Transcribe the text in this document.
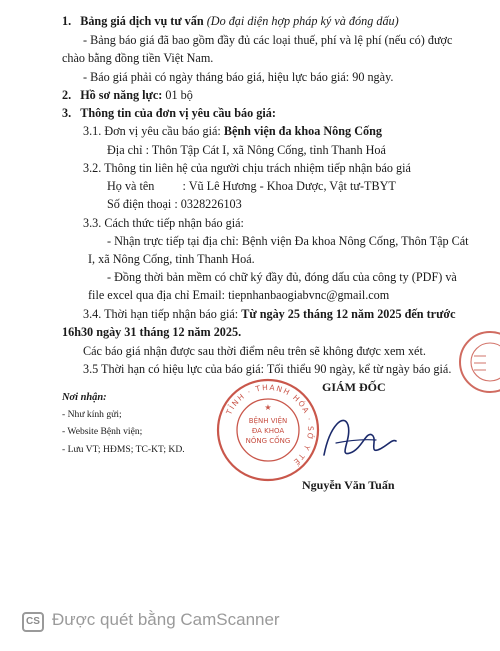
1. Bảng giá dịch vụ tư vấn (Do đại diện hợp pháp ký và đóng dấu)
- Bảng báo giá đã bao gồm đầy đủ các loại thuế, phí và lệ phí (nếu có) được
chào bằng đồng tiền Việt Nam.
- Báo giá phải có ngày tháng báo giá, hiệu lực báo giá: 90 ngày.
2. Hồ sơ năng lực: 01 bộ
3. Thông tin của đơn vị yêu cầu báo giá:
3.1. Đơn vị yêu cầu báo giá: Bệnh viện đa khoa Nông Cống
Địa chỉ : Thôn Tập Cát I, xã Nông Cống, tỉnh Thanh Hoá
3.2. Thông tin liên hệ của người chịu trách nhiệm tiếp nhận báo giá
Họ và tên : Vũ Lê Hương - Khoa Dược, Vật tư-TBYT
Số điện thoại : 0328226103
3.3. Cách thức tiếp nhận báo giá:
- Nhận trực tiếp tại địa chỉ: Bệnh viện Đa khoa Nông Cống, Thôn Tập Cát
I, xã Nông Cống, tỉnh Thanh Hoá.
- Đồng thời bản mềm có chữ ký đầy đủ, đóng dấu của công ty (PDF) và
file excel qua địa chỉ Email: tiepnhanbaogiabvnc@gmail.com
3.4. Thời hạn tiếp nhận báo giá: Từ ngày 25 tháng 12 năm 2025 đến trước
16h30 ngày 31 tháng 12 năm 2025.
Các báo giá nhận được sau thời điểm nêu trên sẽ không được xem xét.
3.5 Thời hạn có hiệu lực của báo giá: Tối thiểu 90 ngày, kể từ ngày báo giá.
Nơi nhận:
- Như kính gửi;
- Website Bệnh viện;
- Lưu VT; HĐMS; TC-KT; KD.
GIÁM ĐỐC
Nguyễn Văn Tuấn
TỈNH · THANH HÓA · SỞ Y TẾ
BỆNH VIỆN
ĐA KHOA
NÔNG CỐNG
★
CS Được quét bằng CamScanner
